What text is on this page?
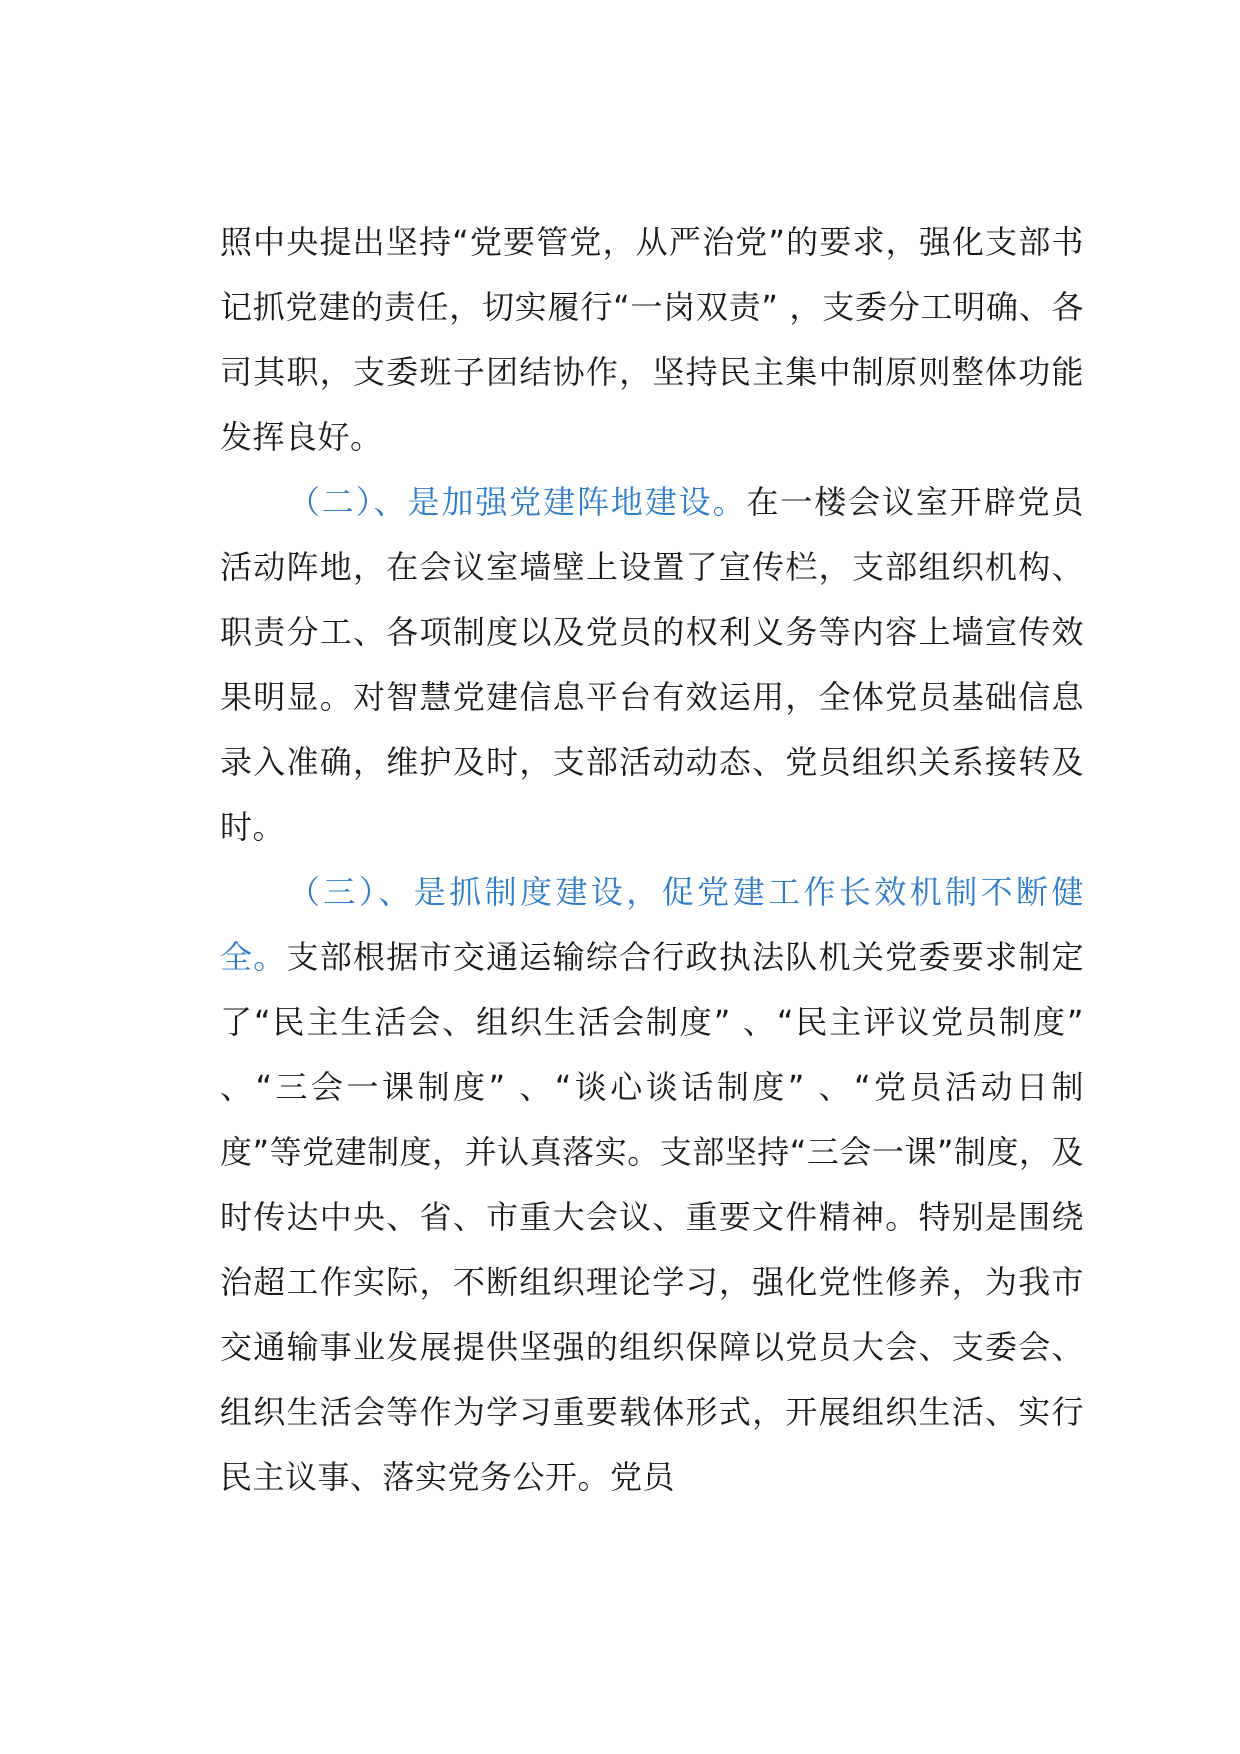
照中央提出坚持“党要管党，从严治党”的要求，强化支部书记抓党建的责任，切实履行“一岗双责” ，支委分工明确、各司其职，支委班子团结协作，坚持民主集中制原则整体功能发挥良好。

（二）、是加强党建阵地建设。在一楼会议室开辟党员活动阵地，在会议室墙壁上设置了宣传栏，支部组织机构、职责分工、各项制度以及党员的权利义务等内容上墙宣传效果明显。对智慧党建信息平台有效运用，全体党员基础信息录入准确，维护及时，支部活动动态、党员组织关系接转及时。

（三）、是抓制度建设，促党建工作长效机制不断健全。支部根据市交通运输综合行政执法队机关党委要求制定了“民主生活会、组织生活会制度” 、“民主评议党员制度” 、“三会一课制度” 、“谈心谈话制度” 、“党员活动日制度”等党建制度，并认真落实。支部坚持“三会一课”制度，及时传达中央、省、市重大会议、重要文件精神。特别是围绕治超工作实际，不断组织理论学习，强化党性修养，为我市交通输事业发展提供坚强的组织保障以党员大会、支委会、组织生活会等作为学习重要载体形式，开展组织生活、实行民主议事、落实党务公开。党员
